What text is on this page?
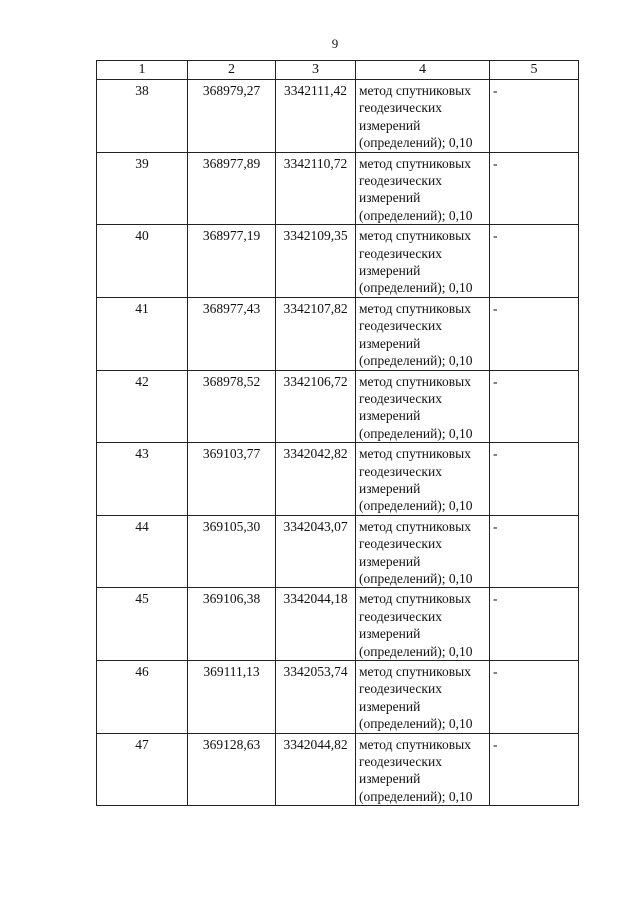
9
1	2	3	4	5
38	368979,27	3342111,42	метод спутниковых геодезических измерений (определений); 0,10	-
39	368977,89	3342110,72	метод спутниковых геодезических измерений (определений); 0,10	-
40	368977,19	3342109,35	метод спутниковых геодезических измерений (определений); 0,10	-
41	368977,43	3342107,82	метод спутниковых геодезических измерений (определений); 0,10	-
42	368978,52	3342106,72	метод спутниковых геодезических измерений (определений); 0,10	-
43	369103,77	3342042,82	метод спутниковых геодезических измерений (определений); 0,10	-
44	369105,30	3342043,07	метод спутниковых геодезических измерений (определений); 0,10	-
45	369106,38	3342044,18	метод спутниковых геодезических измерений (определений); 0,10	-
46	369111,13	3342053,74	метод спутниковых геодезических измерений (определений); 0,10	-
47	369128,63	3342044,82	метод спутниковых геодезических измерений (определений); 0,10	-
